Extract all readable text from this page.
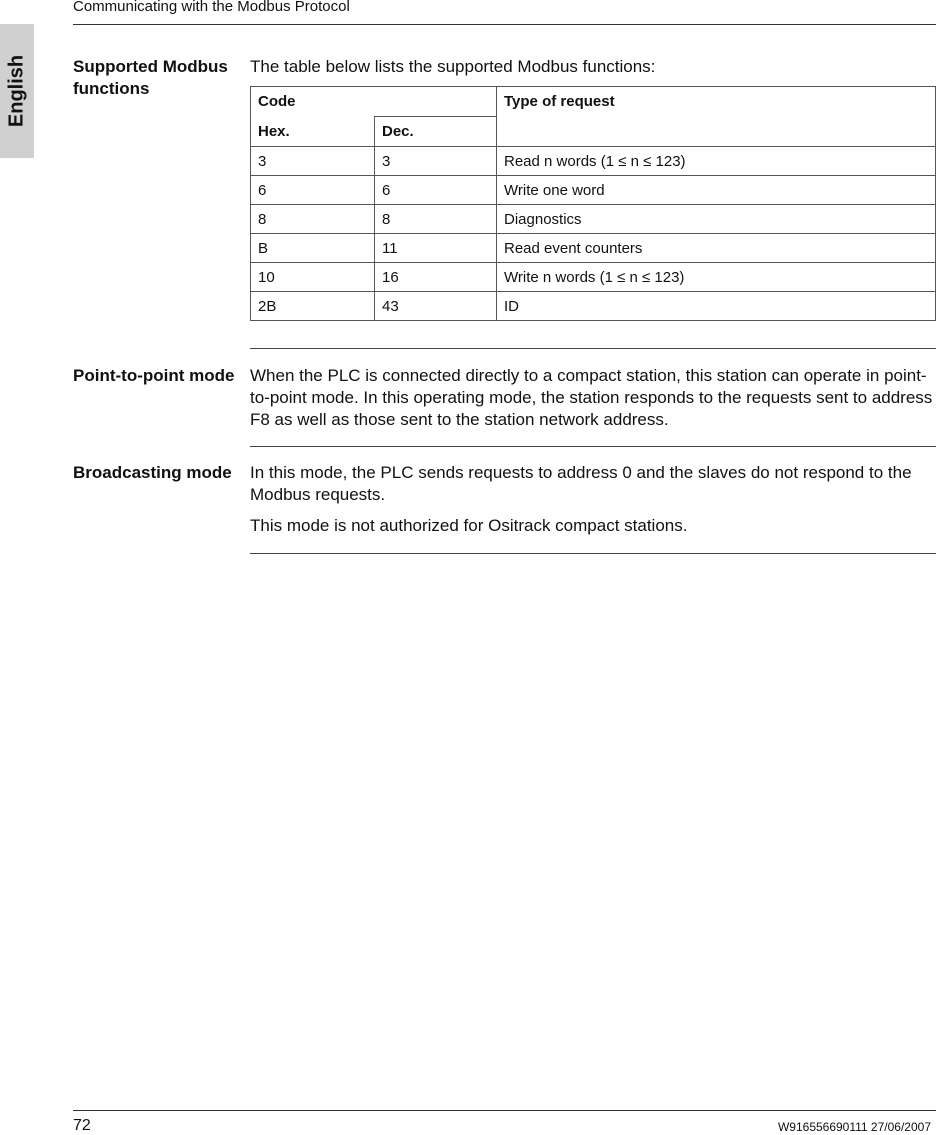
Communicating with the Modbus Protocol
English	Supported Modbus functions
The table below lists the supported Modbus functions:
Code		Type of request
Hex.	Dec.	
3	3	Read n words (1 ≤ n ≤ 123)
6	6	Write one word
8	8	Diagnostics
B	11	Read event counters
10	16	Write n words (1 ≤ n ≤ 123)
2B	43	ID
Point-to-point mode When the PLC is connected directly to a compact station, this station can operate in point-to-point mode. In this operating mode, the station responds to the requests sent to address F8 as well as those sent to the station network address.
Broadcasting mode	In this mode, the PLC sends requests to address 0 and the slaves do not respond to the Modbus requests.
This mode is not authorized for Ositrack compact stations.
72	W916556690111 27/06/2007
